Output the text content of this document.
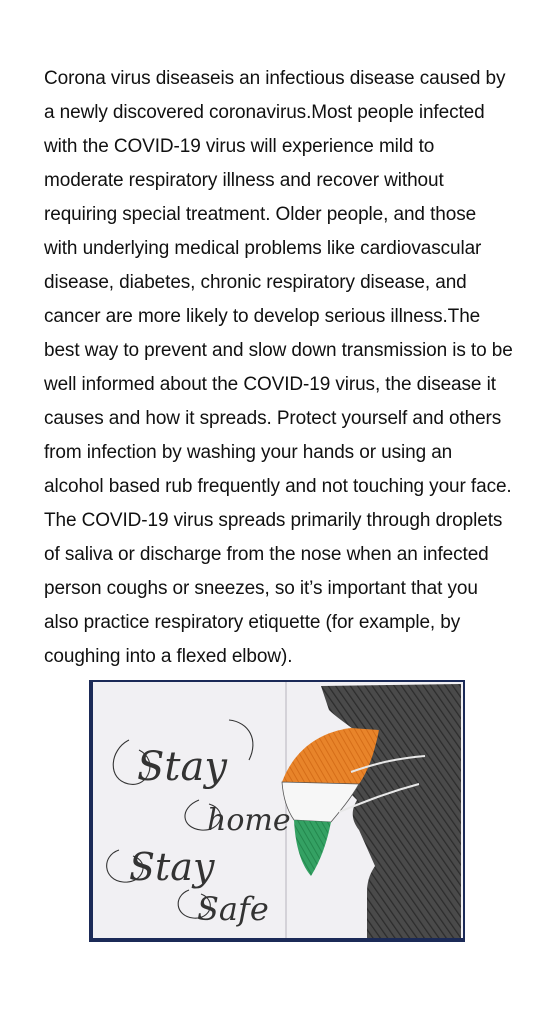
Corona virus diseaseis an infectious disease caused by a newly discovered coronavirus.Most people infected with the COVID-19 virus will experience mild to moderate respiratory illness and recover without requiring special treatment. Older people, and those with underlying medical problems like cardiovascular disease, diabetes, chronic respiratory disease, and cancer are more likely to develop serious illness.The best way to prevent and slow down transmission is to be well informed about the COVID-19 virus, the disease it causes and how it spreads. Protect yourself and others from infection by washing your hands or using an alcohol based rub frequently and not touching your face. The COVID-19 virus spreads primarily through droplets of saliva or discharge from the nose when an infected person coughs or sneezes, so it’s important that you also practice respiratory etiquette (for example, by coughing into a flexed elbow).

Stay
home
Stay
Safe
